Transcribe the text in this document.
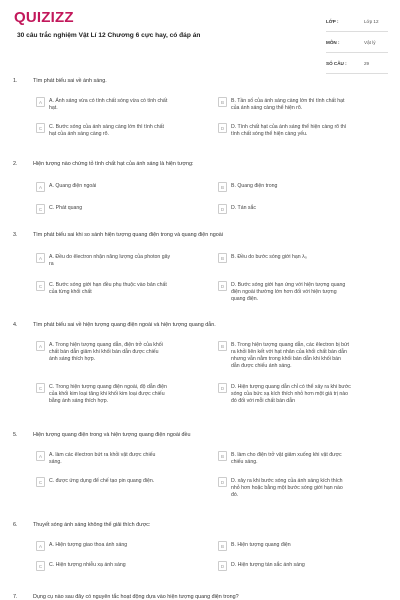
QUIZIZZ
30 câu trắc nghiệm Vật Lí 12 Chương 6 cực hay, có đáp án
LỚP :	Lớp 12
MÔN :	Vật lý
SỐ CÂU :	29
1.	Tìm phát biểu sai về ánh sáng.
A	A. Ánh sáng vừa có tính chất sóng vừa có tính chất
hạt.
B	B. Tần số của ánh sáng càng lớn thì tính chất hạt
của ánh sáng càng thể hiện rõ.
C	C. Bước sóng của ánh sáng càng lớn thì tính chất
hạt của ánh sáng càng rõ.
D	D. Tính chất hạt của ánh sáng thể hiện càng rõ thì
tính chất sóng thể hiện càng yếu.
2.	Hiện tượng nào chứng tỏ tính chất hạt của ánh sáng là hiện tượng:
A	A. Quang điện ngoài	B	B. Quang điện trong
C	C. Phát quang	D	D. Tán sắc
3.	Tìm phát biểu sai khi so sánh hiện tượng quang điện trong và quang điện ngoài
A	A. Đều do êlectron nhận năng lượng của photon gây
ra
B	B. Đều do bước sóng giới hạn λ₀
C	C. Bước sóng giới hạn đều phụ thuộc vào bản chất
của từng khối chất
D	D. Bước sóng giới hạn ứng với hiện tượng quang
điện ngoài thường lớn hơn đối với hiện tượng
quang điện.
4.	Tìm phát biểu sai về hiện tượng quang điện ngoài và hiện tượng quang dẫn.
A	A. Trong hiện tượng quang dẫn, điện trở của khối
chất bán dẫn giảm khi khối bán dẫn được chiếu
ánh sáng thích hợp.
B	B. Trong hiện tượng quang dẫn, các êlectron bị bứt
ra khỏi liên kết với hạt nhân của khối chất bán dẫn
nhưng vẫn nằm trong khối bán dẫn khi khối bán
dẫn được chiếu ánh sáng.
C	C. Trong hiện tượng quang điện ngoài, độ dẫn điện
của khối kim loại tăng khi khối kim loại được chiếu
bằng ánh sáng thích hợp.
D	D. Hiện tượng quang dẫn chỉ có thể xảy ra khi bước
sóng của bức xạ kích thích nhỏ hơn một giá trị nào
đó đối với mỗi chất bán dẫn
5.	Hiện tượng quang điện trong và hiện tượng quang điện ngoài đều
A	A. làm các êlectron bứt ra khỏi vật được chiếu
sáng.
B	B. làm cho điện trở vật giảm xuống khi vật được
chiếu sáng.
C	C. được ứng dụng để chế tạo pin quang điện.	D	D. xảy ra khi bước sóng của ánh sáng kích thích
nhỏ hơn hoặc bằng một bước sóng giới hạn nào
đó.
6.	Thuyết sóng ánh sáng không thể giải thích được:
A	A. Hiện tượng giao thoa ánh sáng	B	B. Hiện tượng quang điện
C	C. Hiện tượng nhiễu xạ ánh sáng	D	D. Hiện tượng tán sắc ánh sáng
7.	Dụng cụ nào sau đây có nguyên tắc hoạt động dựa vào hiện tượng quang điện trong?
